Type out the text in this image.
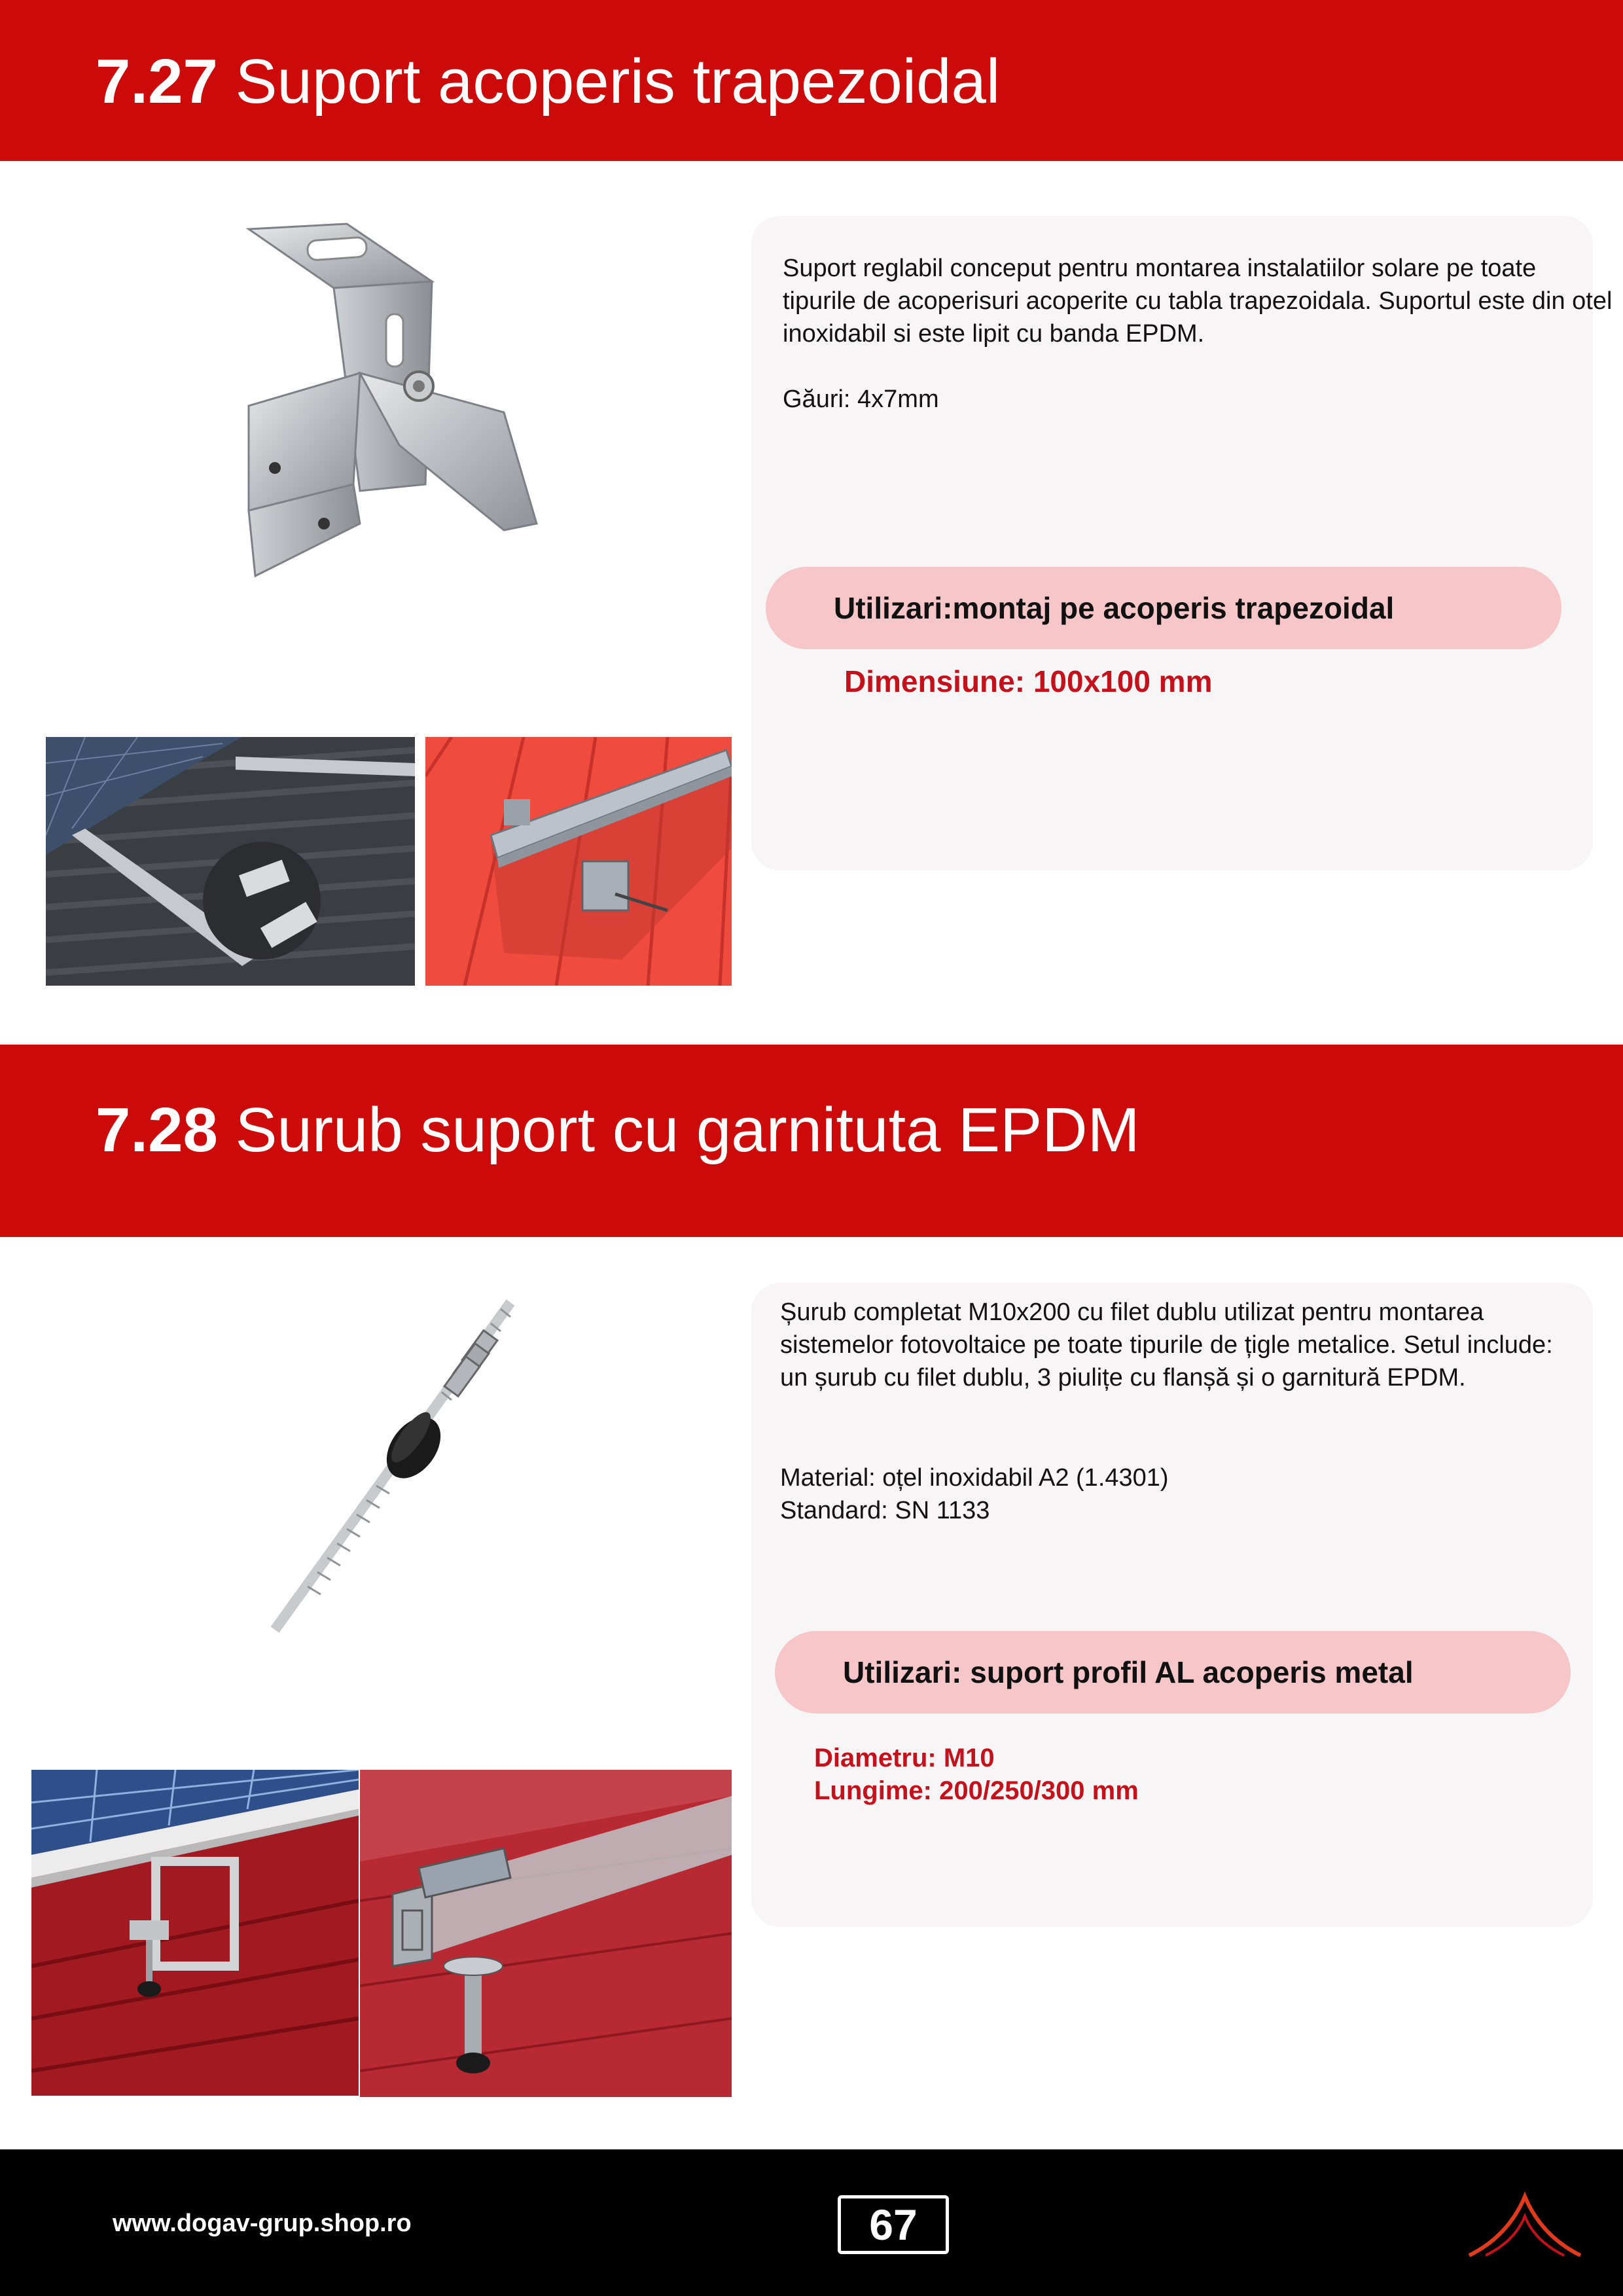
7.27 Suport acoperis trapezoidal
Suport reglabil conceput pentru montarea instalatiilor solare pe toate tipurile de acoperisuri acoperite cu tabla trapezoidala. Suportul este din otel inoxidabil si este lipit cu banda EPDM.
Găuri: 4x7mm
Utilizari:montaj pe acoperis trapezoidal
Dimensiune: 100x100 mm
7.28 Surub suport cu garnituta EPDM
Șurub completat M10x200 cu filet dublu utilizat pentru montarea sistemelor fotovoltaice pe toate tipurile de țigle metalice. Setul include: un șurub cu filet dublu, 3 piulițe cu flanșă și o garnitură EPDM.
Material: oțel inoxidabil A2 (1.4301)
Standard: SN 1133
Utilizari: suport profil AL acoperis metal
Diametru: M10
Lungime: 200/250/300 mm
www.dogav-grup.shop.ro	67
